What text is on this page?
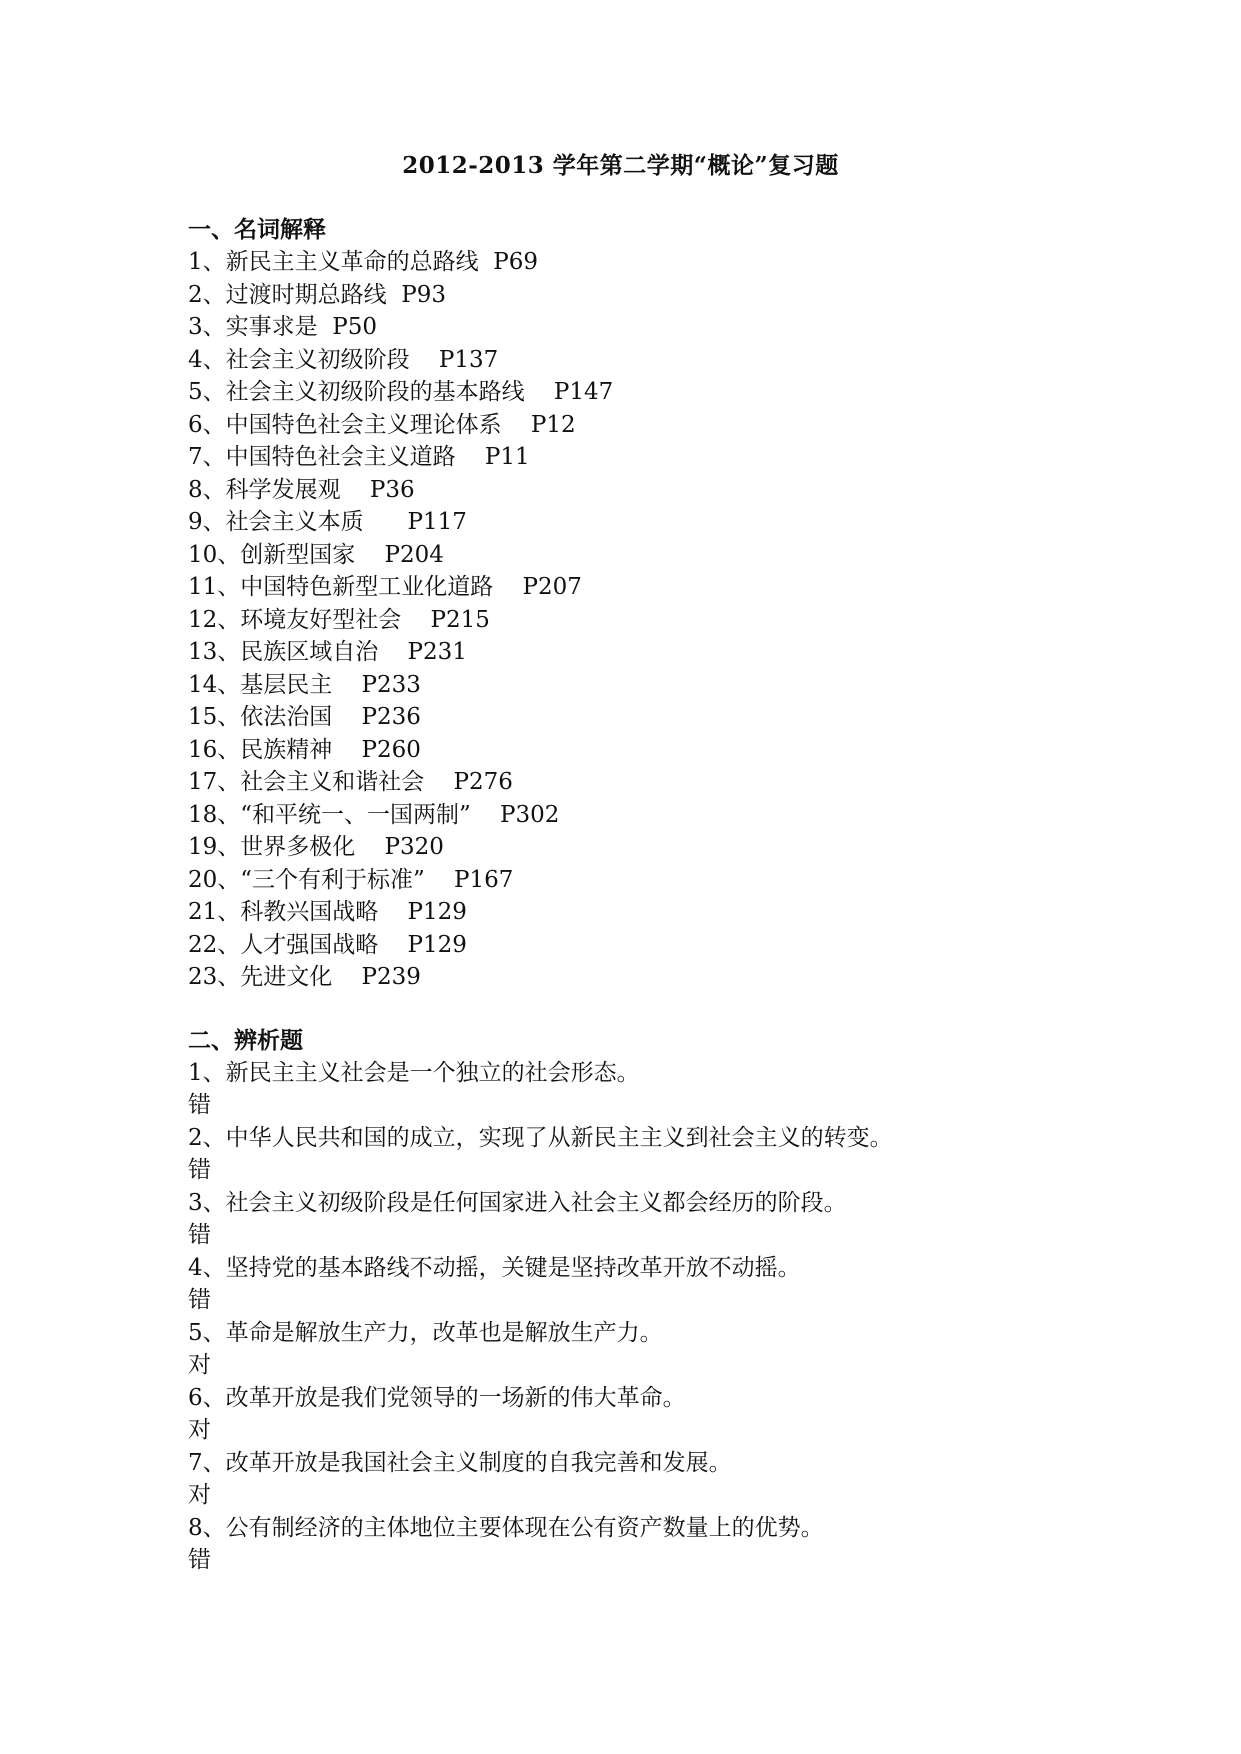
2012-2013 学年第二学期“概论”复习题
一、名词解释
1、新民主主义革命的总路线  P69
2、过渡时期总路线  P93
3、实事求是  P50
4、社会主义初级阶段    P137
5、社会主义初级阶段的基本路线    P147
6、中国特色社会主义理论体系    P12
7、中国特色社会主义道路    P11
8、科学发展观    P36
9、社会主义本质      P117
10、创新型国家    P204
11、中国特色新型工业化道路    P207
12、环境友好型社会    P215
13、民族区域自治    P231
14、基层民主    P233
15、依法治国    P236
16、民族精神    P260
17、社会主义和谐社会    P276
18、“和平统一、一国两制”    P302
19、世界多极化    P320
20、“三个有利于标准”    P167
21、科教兴国战略    P129
22、人才强国战略    P129
23、先进文化    P239
二、辨析题
1、新民主主义社会是一个独立的社会形态。
错
2、中华人民共和国的成立，实现了从新民主主义到社会主义的转变。
错
3、社会主义初级阶段是任何国家进入社会主义都会经历的阶段。
错
4、坚持党的基本路线不动摇，关键是坚持改革开放不动摇。
错
5、革命是解放生产力，改革也是解放生产力。
对
6、改革开放是我们党领导的一场新的伟大革命。
对
7、改革开放是我国社会主义制度的自我完善和发展。
对
8、公有制经济的主体地位主要体现在公有资产数量上的优势。
错
